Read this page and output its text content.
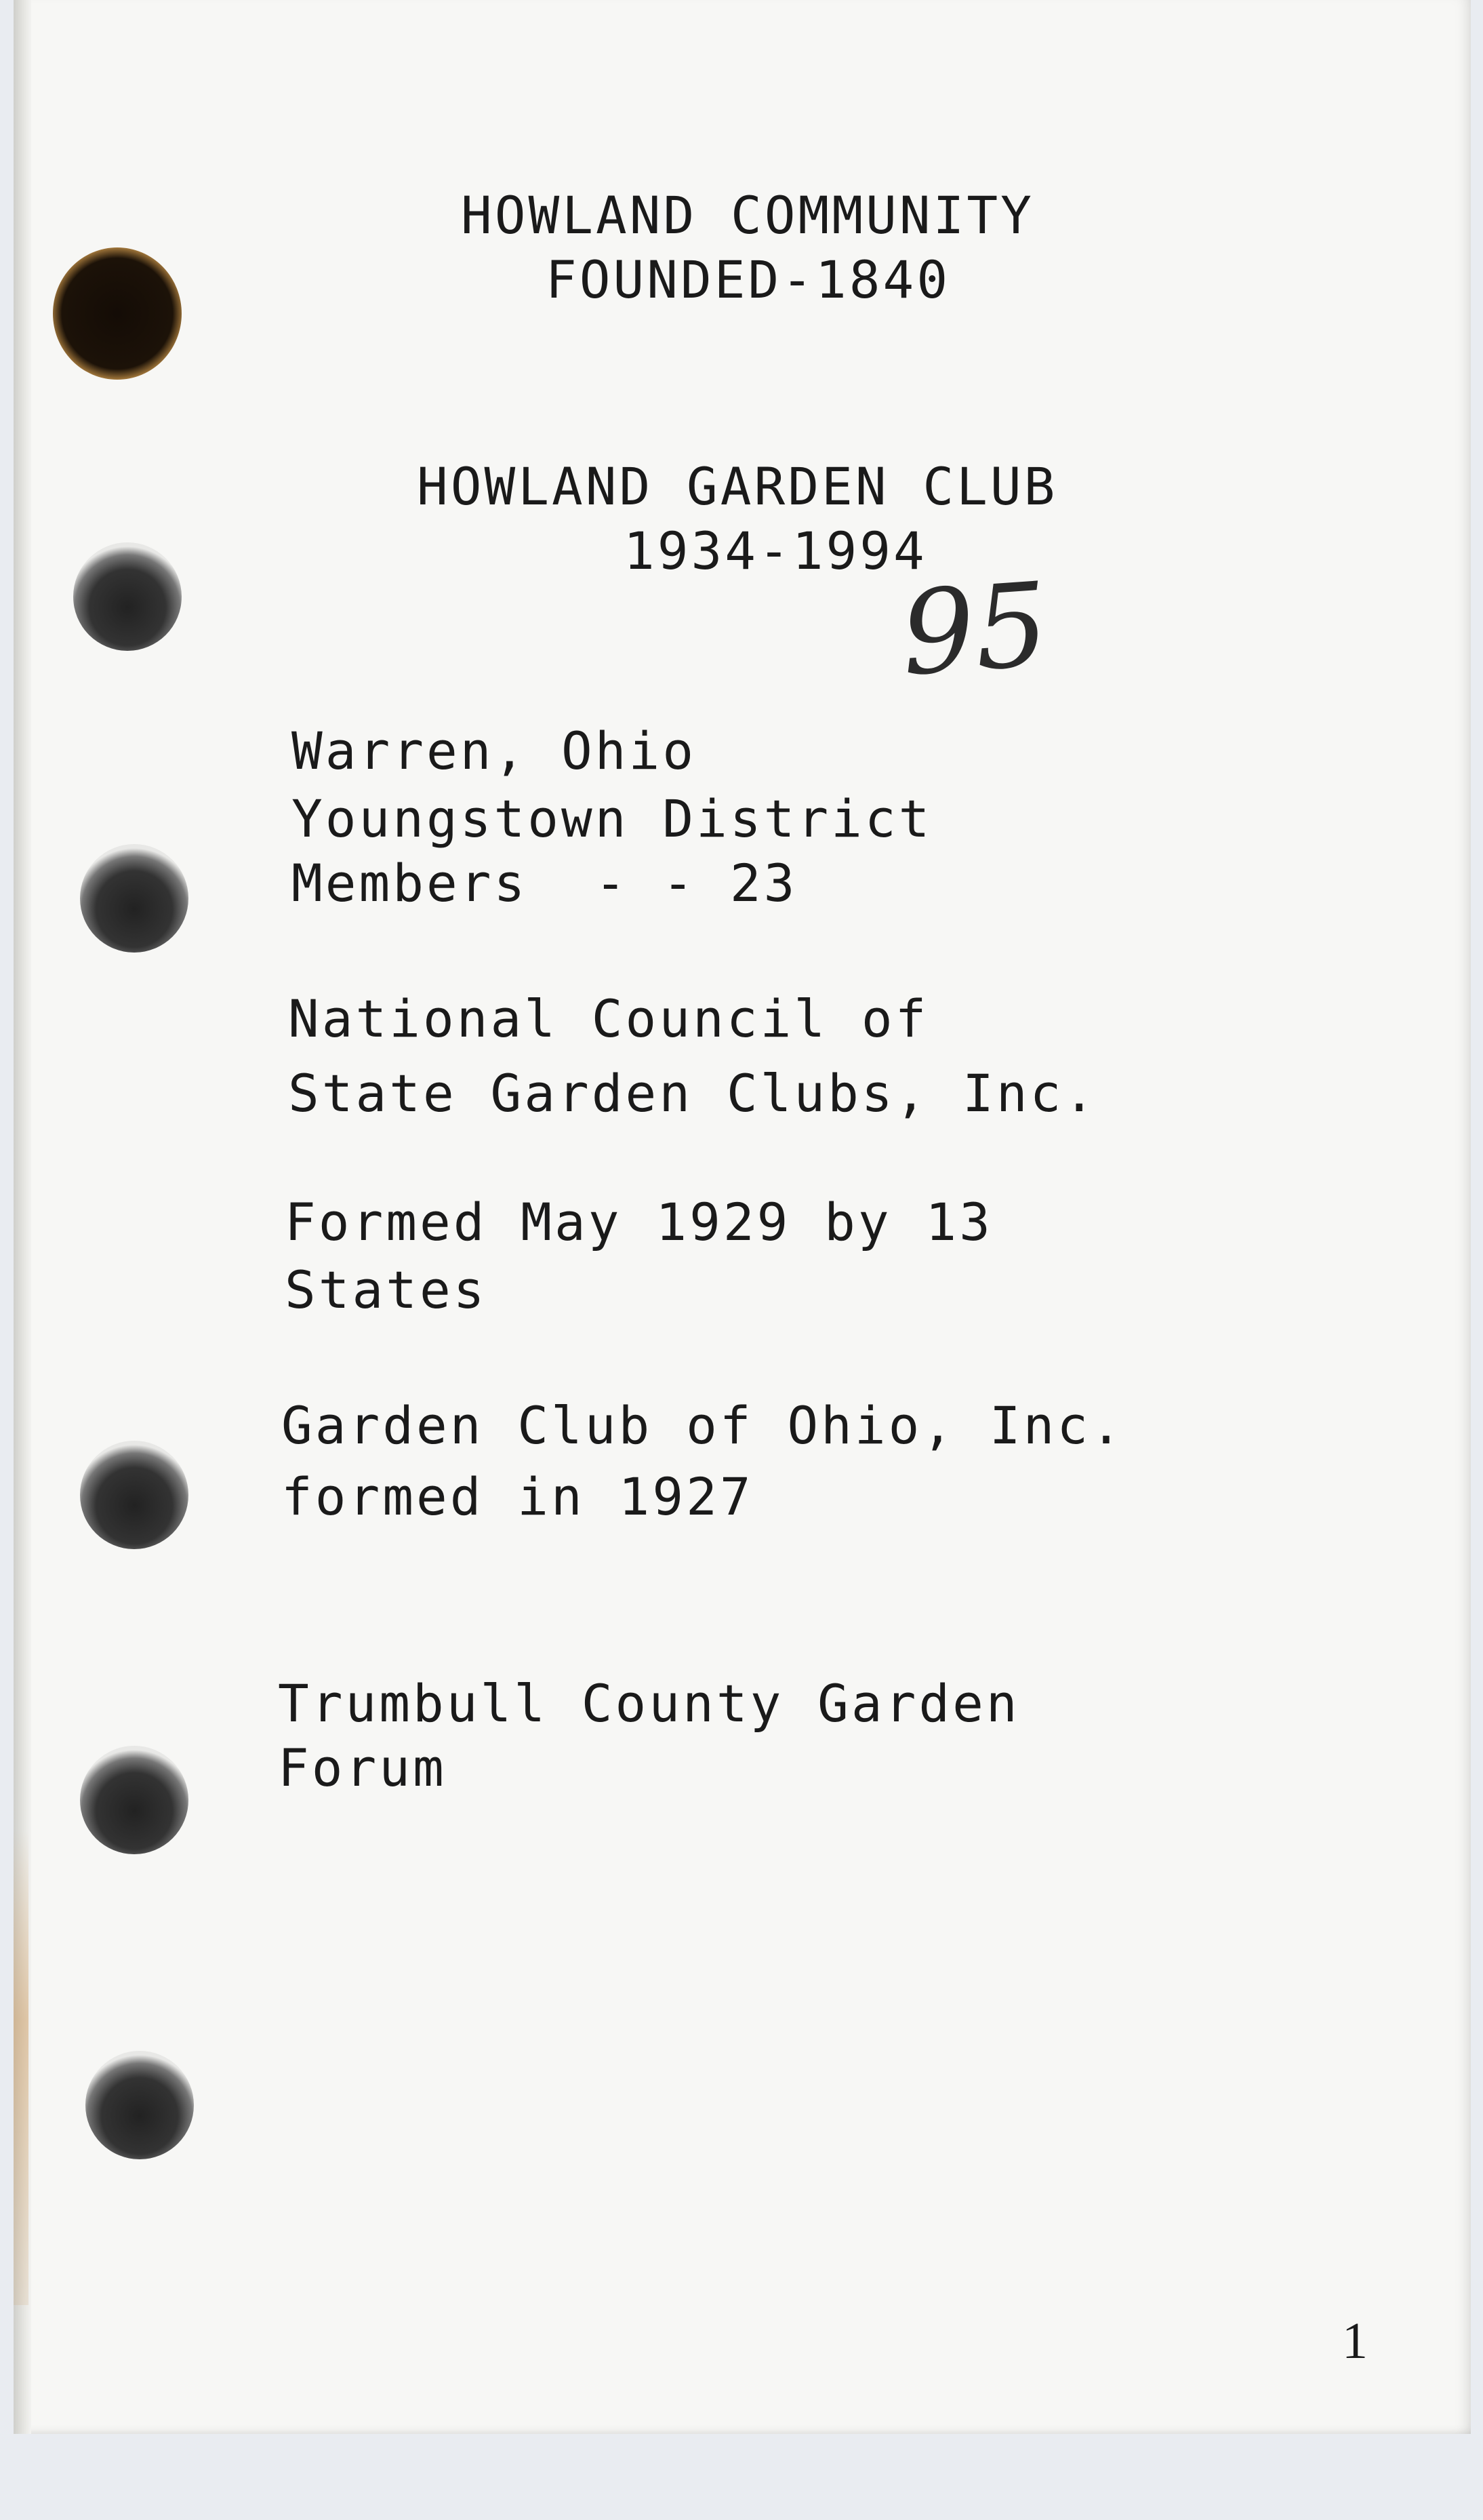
HOWLAND COMMUNITY
FOUNDED-1840
HOWLAND GARDEN CLUB
1934-1994
95
Warren, Ohio
Youngstown District
Members  - - 23
National Council of
State Garden Clubs, Inc.
Formed May 1929 by 13
States
Garden Club of Ohio, Inc.
formed in 1927
Trumbull County Garden
Forum
1
